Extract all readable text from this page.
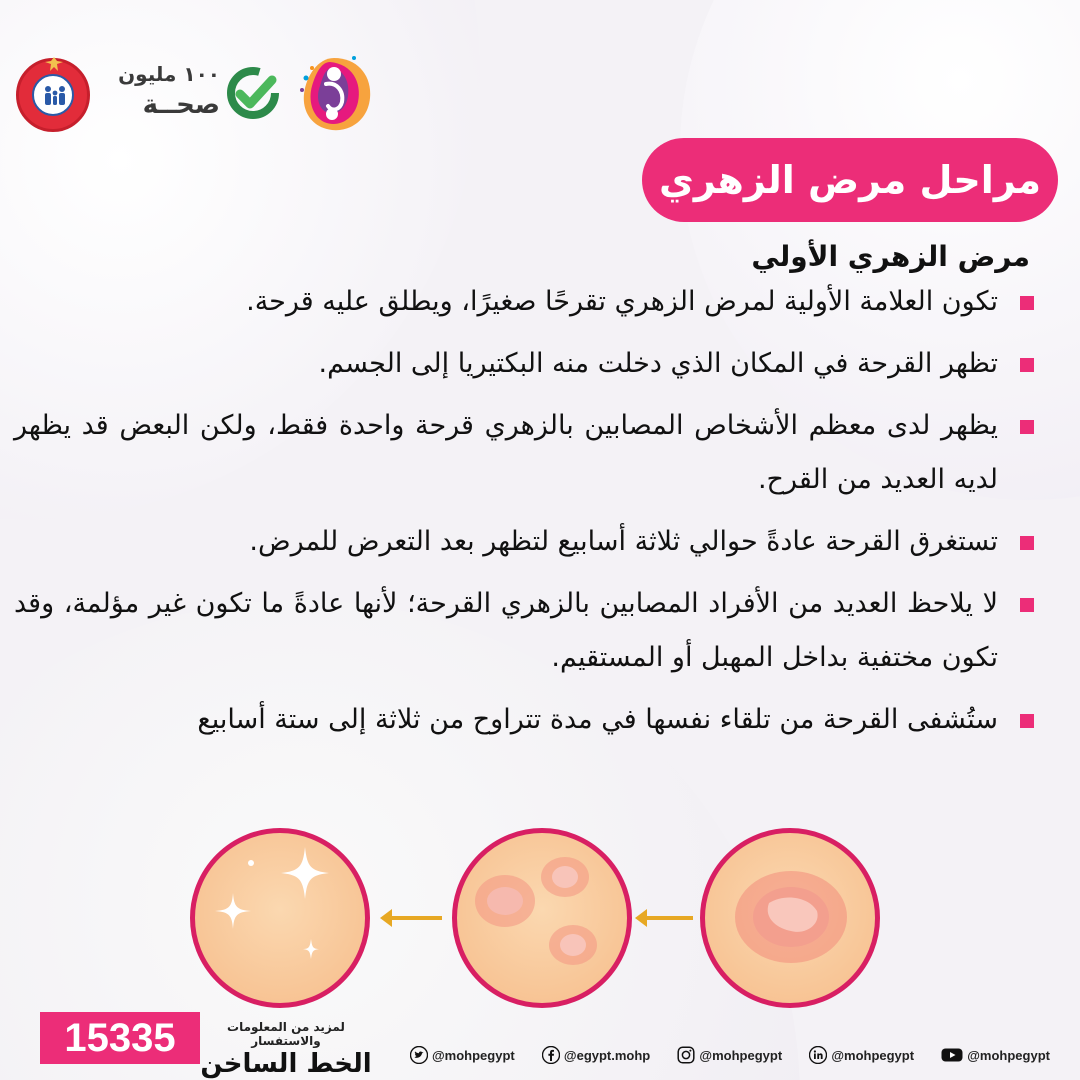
١٠٠ مليون
صحــة
مراحل مرض الزهري
مرض الزهري الأولي
تكون العلامة الأولية لمرض الزهري تقرحًا صغيرًا، ويطلق عليه قرحة.
تظهر القرحة في المكان الذي دخلت منه البكتيريا إلى الجسم.
يظهر لدى معظم الأشخاص المصابين بالزهري قرحة واحدة فقط، ولكن البعض قد يظهر لديه العديد من القرح.
تستغرق القرحة عادةً حوالي ثلاثة أسابيع لتظهر بعد التعرض للمرض.
لا يلاحظ العديد من الأفراد المصابين بالزهري القرحة؛ لأنها عادةً ما تكون غير مؤلمة، وقد تكون مختفية بداخل المهبل أو المستقيم.
ستُشفى القرحة من تلقاء نفسها في مدة تتراوح من ثلاثة إلى ستة أسابيع
15335	لمزيد من المعلومات والاستفسار
الخط الساخن	@mohpegypt	@egypt.mohp	@mohpegypt	@mohpegypt	@mohpegypt
